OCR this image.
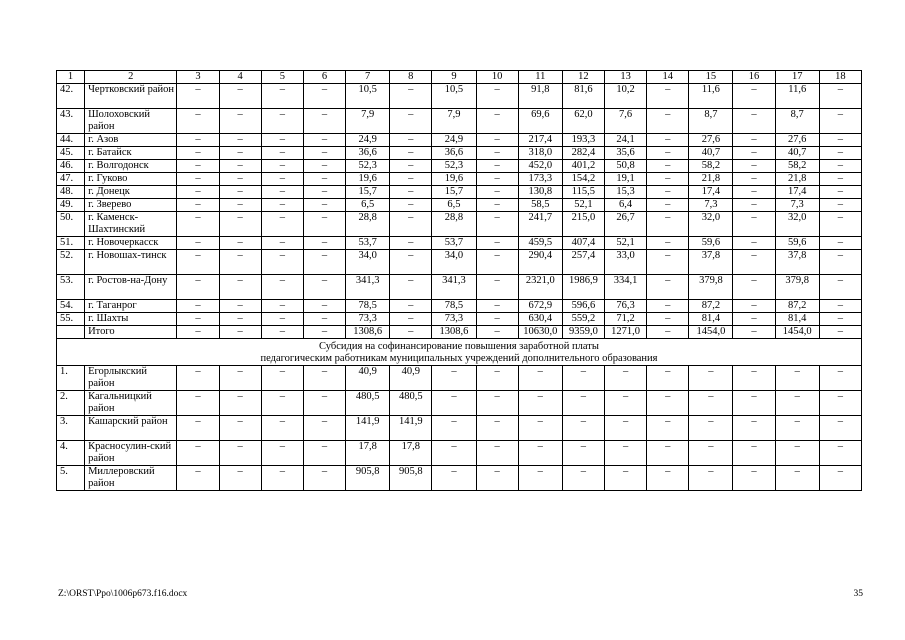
1	2	3	4	5	6	7	8	9	10	11	12	13	14	15	16	17	18
42.	Чертковский район	–	–	–	–	10,5	–	10,5	–	91,8	81,6	10,2	–	11,6	–	11,6	–
43.	Шолоховский район	–	–	–	–	7,9	–	7,9	–	69,6	62,0	7,6	–	8,7	–	8,7	–
44.	г. Азов	–	–	–	–	24,9	–	24,9	–	217,4	193,3	24,1	–	27,6	–	27,6	–
45.	г. Батайск	–	–	–	–	36,6	–	36,6	–	318,0	282,4	35,6	–	40,7	–	40,7	–
46.	г. Волгодонск	–	–	–	–	52,3	–	52,3	–	452,0	401,2	50,8	–	58,2	–	58,2	–
47.	г. Гуково	–	–	–	–	19,6	–	19,6	–	173,3	154,2	19,1	–	21,8	–	21,8	–
48.	г. Донецк	–	–	–	–	15,7	–	15,7	–	130,8	115,5	15,3	–	17,4	–	17,4	–
49.	г. Зверево	–	–	–	–	6,5	–	6,5	–	58,5	52,1	6,4	–	7,3	–	7,3	–
50.	г. Каменск-Шахтинский	–	–	–	–	28,8	–	28,8	–	241,7	215,0	26,7	–	32,0	–	32,0	–
51.	г. Новочеркасск	–	–	–	–	53,7	–	53,7	–	459,5	407,4	52,1	–	59,6	–	59,6	–
52.	г. Новошах-тинск	–	–	–	–	34,0	–	34,0	–	290,4	257,4	33,0	–	37,8	–	37,8	–
53.	г. Ростов-на-Дону	–	–	–	–	341,3	–	341,3	–	2321,0	1986,9	334,1	–	379,8	–	379,8	–
54.	г. Таганрог	–	–	–	–	78,5	–	78,5	–	672,9	596,6	76,3	–	87,2	–	87,2	–
55.	г. Шахты	–	–	–	–	73,3	–	73,3	–	630,4	559,2	71,2	–	81,4	–	81,4	–
	Итого	–	–	–	–	1308,6	–	1308,6	–	10630,0	9359,0	1271,0	–	1454,0	–	1454,0	–

Субсидия на софинансирование повышения заработной платы
педагогическим работникам муниципальных учреждений дополнительного образования																	

1.	Егорлыкский район	–	–	–	–	40,9	40,9	–	–	–	–	–	–	–	–	–	–
2.	Кагальницкий район	–	–	–	–	480,5	480,5	–	–	–	–	–	–	–	–	–	–
3.	Кашарский район	–	–	–	–	141,9	141,9	–	–	–	–	–	–	–	–	–	–
4.	Красносулин-ский район	–	–	–	–	17,8	17,8	–	–	–	–	–	–	–	–	–	–
5.	Миллеровский район	–	–	–	–	905,8	905,8	–	–	–	–	–	–	–	–	–	–
Z:\ORST\Ppo\1006p673.f16.docx	35
